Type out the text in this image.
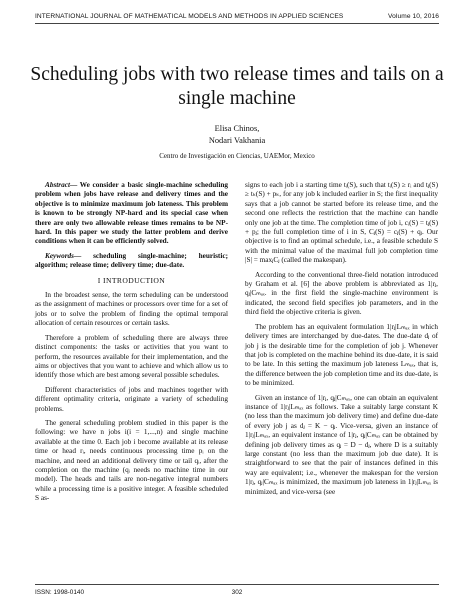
INTERNATIONAL JOURNAL OF MATHEMATICAL MODELS AND METHODS IN APPLIED SCIENCES	Volume 10, 2016
Scheduling jobs with two release times and tails on a single machine
Elisa Chinos,
Nodari Vakhania
Centro de Investigación en Ciencias, UAEMor, Mexico

Abstract— We consider a basic single-machine scheduling problem when jobs have release and delivery times and the objective is to minimize maximum job lateness. This problem is known to be strongly NP-hard and its special case when there are only two allowable release times remains to be NP-hard. In this paper we study the latter problem and derive conditions when it can be efficiently solved.

Keywords— scheduling single-machine; heuristic; algorithm; release time; delivery time; due-date.

I INTRODUCTION

In the broadest sense, the term scheduling can be understood as the assignment of machines or processors over time for a set of jobs or to solve the problem of finding the optimal temporal allocation of certain resources or certain tasks.

Therefore a problem of scheduling there are always three distinct components: the tasks or activities that you want to perform, the resources available for their implementation, and the aims or objectives that you want to achieve and which allow us to identify those which are best among several possible schedules.

Different characteristics of jobs and machines together with different optimality criteria, originate a variety of scheduling problems.

The general scheduling problem studied in this paper is the following: we have n jobs i(i = 1,...,n) and single machine available at the time 0. Each job i become available at its release time or head rᵢ, needs continuous processing time pᵢ on the machine, and need an additional delivery time or tail qᵢ, after the completion on the machine (qᵢ needs no machine time in our model). The heads and tails are non-negative integral numbers while a processing time is a positive integer. A feasible scheduled S as-

signs to each job i a starting time tᵢ(S), such that tᵢ(S) ≥ rᵢ and tⱼ(S) ≥ tₖ(S) + pₖ, for any job k included earlier in S; the first inequality says that a job cannot be started before its release time, and the second one reflects the restriction that the machine can handle only one job at the time. The completion time of job i, cᵢ(S) = tⱼ(S) + pⱼ; the full completion time of i in S, Cⱼ(S) = cⱼ(S) + qⱼ. Our objective is to find an optimal schedule, i.e., a feasible schedule S with the minimal value of the maximal full job completion time |S| = maxⱼCⱼ (called the makespan).

According to the conventional three-field notation introduced by Graham et al. [6] the above problem is abbreviated as 1|rⱼ, qⱼ|Cₘₐₓ. in the first field the single-machine environment is indicated, the second field specifies job parameters, and in the third field the objective criteria is given.

The problem has an equivalent formulation 1|rⱼ|Lₘₐₓ in which delivery times are interchanged by due-dates. The due-date dⱼ of job j is the desirable time for the completion of job j. Whenever that job is completed on the machine behind its due-date, it is said to be late. In this setting the maximum job lateness Lₘₐₓ, that is, the difference between the job completion time and its due-date, is to be minimized.

Given an instance of 1|rⱼ, qⱼ|Cₘₐₓ, one can obtain an equivalent instance of 1|rⱼ|Lₘₐₓ as follows. Take a suitably large constant K (no less than the maximum job delivery time) and define due-date of every job j as dⱼ = K − qⱼ. Vice-versa, given an instance of 1|rⱼ|Lₘₐₓ, an equivalent instance of 1|rⱼ, qⱼ|Cₘₐₓ can be obtained by defining job delivery times as qⱼ = D − dⱼ, where D is a suitably large constant (no less than the maximum job due date). It is straightforward to see that the pair of instances defined in this way are equivalent; i.e., whenever the makespan for the version 1|rⱼ, qⱼ|Cₘₐₓ is minimized, the maximum job lateness in 1|rⱼ|Lₘₐₓ is minimized, and vice-versa (see

ISSN: 1998-0140	302
